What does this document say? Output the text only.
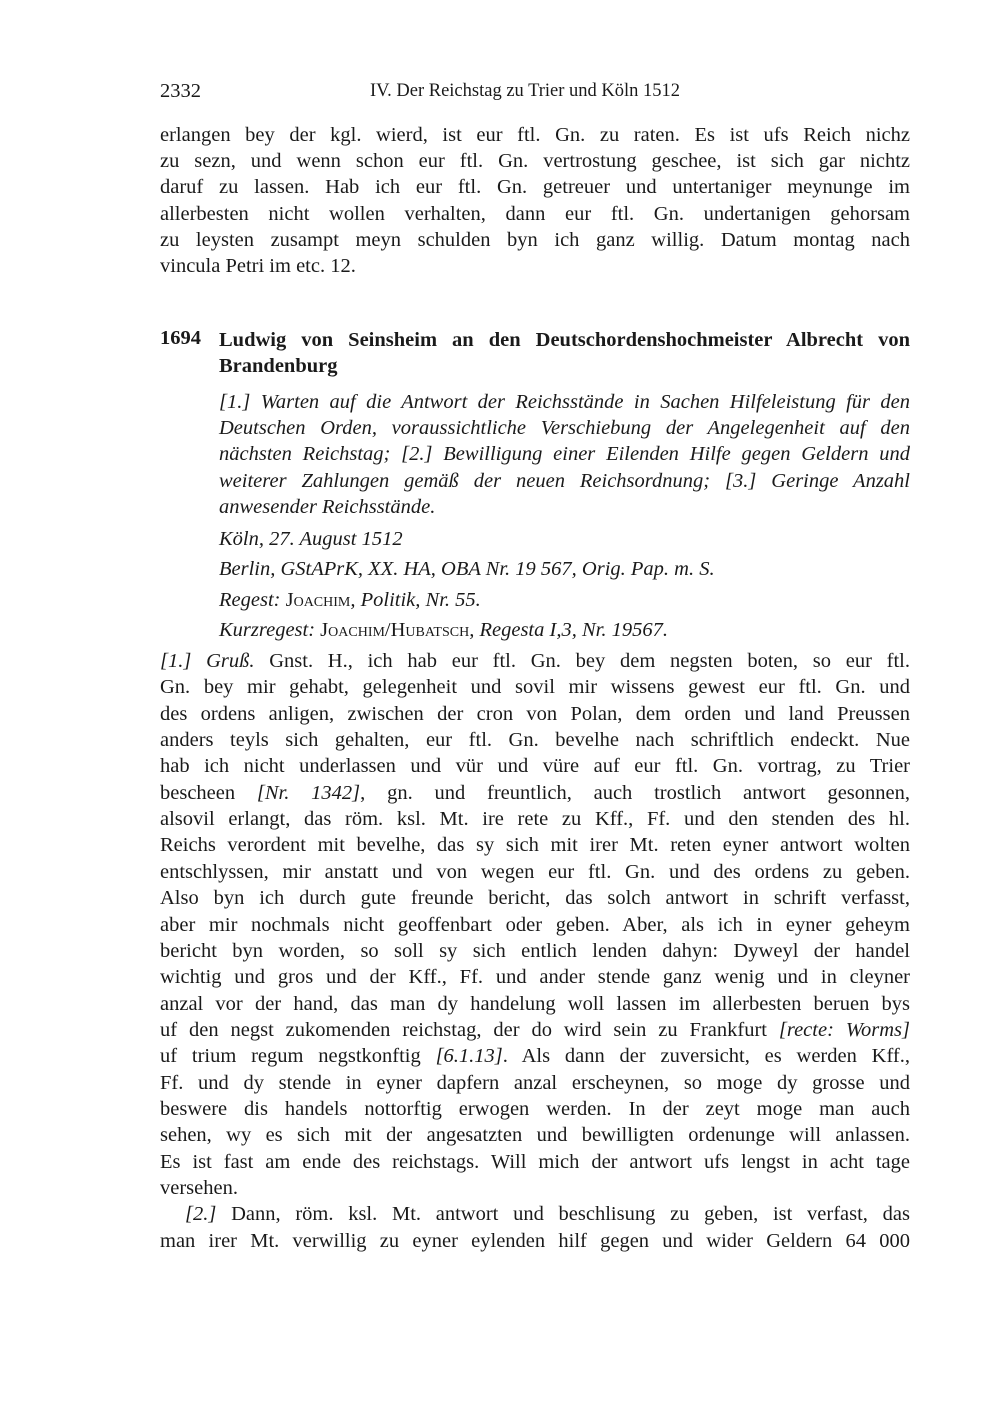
2332	IV. Der Reichstag zu Trier und Köln 1512
1694
erlangen bey der kgl. wierd, ist eur ftl. Gn. zu raten. Es ist ufs Reich nichz
zu sezn, und wenn schon eur ftl. Gn. vertrostung geschee, ist sich gar nichtz
daruf zu lassen. Hab ich eur ftl. Gn. getreuer und untertaniger meynunge im
allerbesten nicht wollen verhalten, dann eur ftl. Gn. undertanigen gehorsam
zu leysten zusampt meyn schulden byn ich ganz willig. Datum montag nach
vincula Petri im etc. 12.
Ludwig von Seinsheim an den Deutschordenshochmeister Albrecht von
Brandenburg
[1.] Warten auf die Antwort der Reichsstände in Sachen Hilfeleistung für den
Deutschen Orden, voraussichtliche Verschiebung der Angelegenheit auf den
nächsten Reichstag; [2.] Bewilligung einer Eilenden Hilfe gegen Geldern und
weiterer Zahlungen gemäß der neuen Reichsordnung; [3.] Geringe Anzahl
anwesender Reichsstände.
Köln, 27. August 1512
Berlin, GStAPrK, XX. HA, OBA Nr. 19 567, Orig. Pap. m. S.
Regest: Joachim, Politik, Nr. 55.
Kurzregest: Joachim/Hubatsch, Regesta I,3, Nr. 19567.
[1.] Gruß. Gnst. H., ich hab eur ftl. Gn. bey dem negsten boten, so eur ftl.
Gn. bey mir gehabt, gelegenheit und sovil mir wissens gewest eur ftl. Gn. und
des ordens anligen, zwischen der cron von Polan, dem orden und land Preussen
anders teyls sich gehalten, eur ftl. Gn. bevelhe nach schriftlich endeckt. Nue
hab ich nicht underlassen und vür und vüre auf eur ftl. Gn. vortrag, zu Trier
bescheen [Nr. 1342], gn. und freuntlich, auch trostlich antwort gesonnen,
alsovil erlangt, das röm. ksl. Mt. ire rete zu Kff., Ff. und den stenden des hl.
Reichs verordent mit bevelhe, das sy sich mit irer Mt. reten eyner antwort wolten
entschlyssen, mir anstatt und von wegen eur ftl. Gn. und des ordens zu geben.
Also byn ich durch gute freunde bericht, das solch antwort in schrift verfasst,
aber mir nochmals nicht geoffenbart oder geben. Aber, als ich in eyner geheym
bericht byn worden, so soll sy sich entlich lenden dahyn: Dyweyl der handel
wichtig und gros und der Kff., Ff. und ander stende ganz wenig und in cleyner
anzal vor der hand, das man dy handelung woll lassen im allerbesten beruen bys
uf den negst zukomenden reichstag, der do wird sein zu Frankfurt [recte: Worms]
uf trium regum negstkonftig [6.1.13]. Als dann der zuversicht, es werden Kff.,
Ff. und dy stende in eyner dapfern anzal erscheynen, so moge dy grosse und
beswere dis handels nottorftig erwogen werden. In der zeyt moge man auch
sehen, wy es sich mit der angesatzten und bewilligten ordenunge will anlassen.
Es ist fast am ende des reichstags. Will mich der antwort ufs lengst in acht tage
versehen.
[2.] Dann, röm. ksl. Mt. antwort und beschlisung zu geben, ist verfast, das
man irer Mt. verwillig zu eyner eylenden hilf gegen und wider Geldern 64 000
